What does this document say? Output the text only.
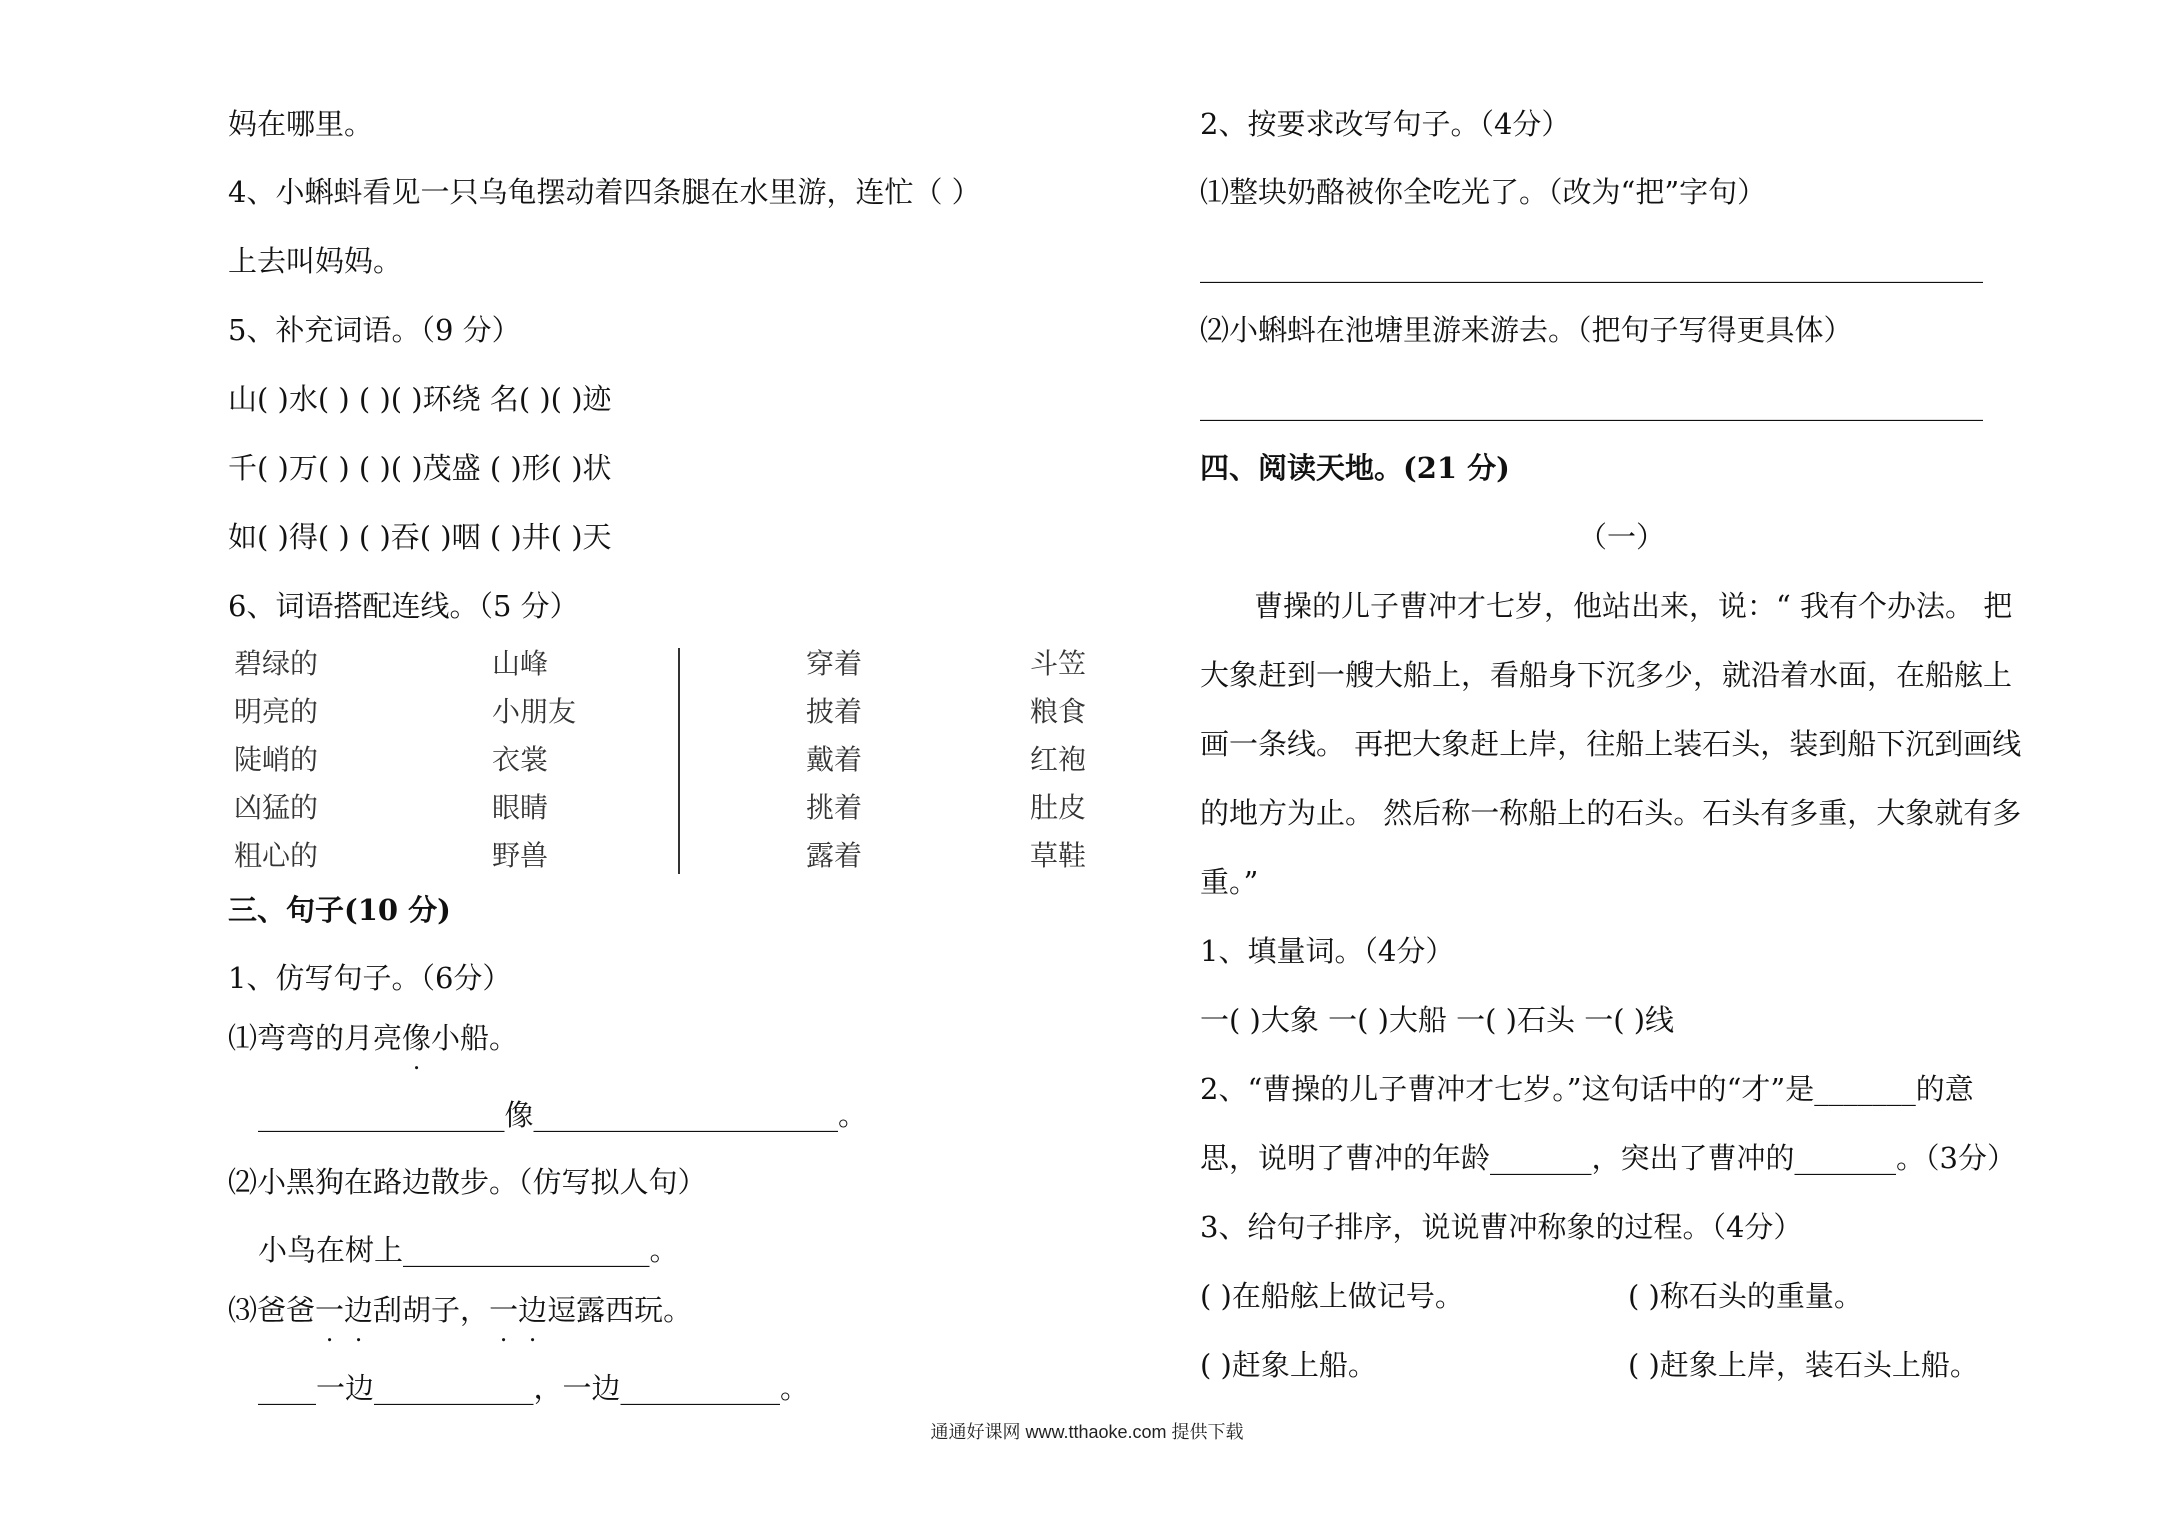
妈在哪里。
4、小蝌蚪看见一只乌龟摆动着四条腿在水里游，连忙（ ）
上去叫妈妈。
5、补充词语。（9 分）
山( )水( ) ( )( )环绕 名( )( )迹
千( )万( ) ( )( )茂盛 ( )形( )状
如( )得( ) ( )吞( )咽 ( )井( )天
6、词语搭配连线。（5 分）
碧绿的
明亮的
陡峭的
凶猛的
粗心的
山峰
小朋友
衣裳
眼睛
野兽
穿着
披着
戴着
挑着
露着
斗笠
粮食
红袍
肚皮
草鞋
三、句子(10 分)
1、仿写句子。（6分）
⑴弯弯的月亮像小船。
_________________像_____________________。
⑵小黑狗在路边散步。（仿写拟人句）
小鸟在树上_________________。
⑶爸爸一边刮胡子，一边逗露西玩。
____一边___________，一边___________。
2、按要求改写句子。（4分）
⑴整块奶酪被你全吃光了。（改为“把”字句）
______________________________________________________
⑵小蝌蚪在池塘里游来游去。（把句子写得更具体）
______________________________________________________
四、阅读天地。(21 分)
（一）
曹操的儿子曹冲才七岁，他站出来，说：“ 我有个办法。 把
大象赶到一艘大船上，看船身下沉多少，就沿着水面，在船舷上
画一条线。 再把大象赶上岸，往船上装石头，装到船下沉到画线
的地方为止。 然后称一称船上的石头。石头有多重，大象就有多
重。”
1、填量词。（4分）
一( )大象 一( )大船 一( )石头 一( )线
2、“曹操的儿子曹冲才七岁。”这句话中的“才”是_______的意
思，说明了曹冲的年龄_______，突出了曹冲的_______。（3分）
3、给句子排序，说说曹冲称象的过程。（4分）
( )在船舷上做记号。	( )称石头的重量。
( )赶象上船。	( )赶象上岸，装石头上船。
通通好课网 www.tthaoke.com 提供下载
